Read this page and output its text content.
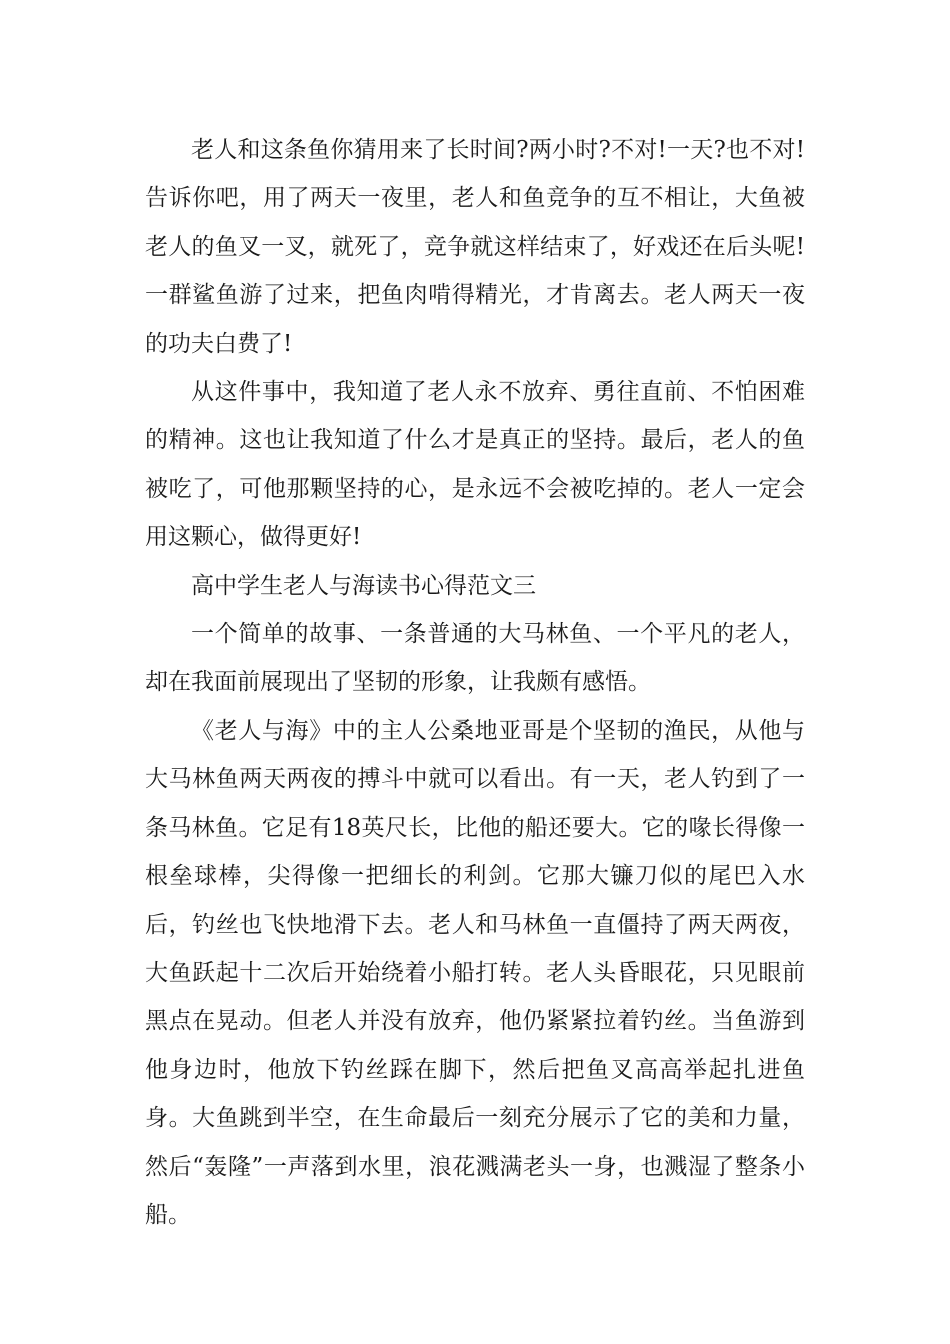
老人和这条鱼你猜用来了长时间?两小时?不对!一天?也不对!告诉你吧，用了两天一夜里，老人和鱼竞争的互不相让，大鱼被老人的鱼叉一叉，就死了，竞争就这样结束了，好戏还在后头呢!一群鲨鱼游了过来，把鱼肉啃得精光，才肯离去。老人两天一夜的功夫白费了!

从这件事中，我知道了老人永不放弃、勇往直前、不怕困难的精神。这也让我知道了什么才是真正的坚持。最后，老人的鱼被吃了，可他那颗坚持的心，是永远不会被吃掉的。老人一定会用这颗心，做得更好!

高中学生老人与海读书心得范文三

一个简单的故事、一条普通的大马林鱼、一个平凡的老人，却在我面前展现出了坚韧的形象，让我颇有感悟。

《老人与海》中的主人公桑地亚哥是个坚韧的渔民，从他与大马林鱼两天两夜的搏斗中就可以看出。有一天，老人钓到了一条马林鱼。它足有18英尺长，比他的船还要大。它的喙长得像一根垒球棒，尖得像一把细长的利剑。它那大镰刀似的尾巴入水后，钓丝也飞快地滑下去。老人和马林鱼一直僵持了两天两夜，大鱼跃起十二次后开始绕着小船打转。老人头昏眼花，只见眼前黑点在晃动。但老人并没有放弃，他仍紧紧拉着钓丝。当鱼游到他身边时，他放下钓丝踩在脚下，然后把鱼叉高高举起扎进鱼身。大鱼跳到半空，在生命最后一刻充分展示了它的美和力量，然后“轰隆”一声落到水里，浪花溅满老头一身，也溅湿了整条小船。
